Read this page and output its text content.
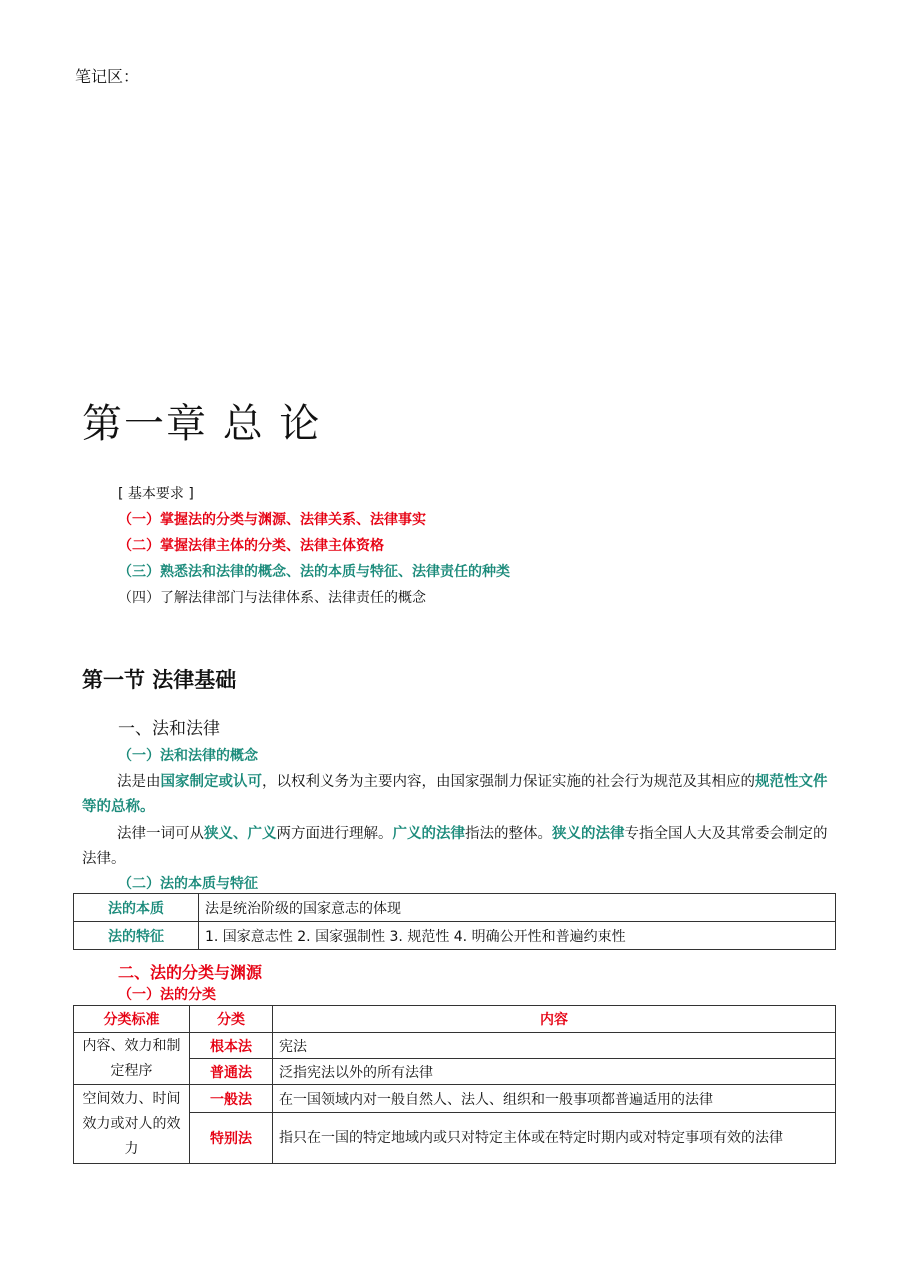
笔记区：
第一章 总 论
[ 基本要求 ]
（一）掌握法的分类与渊源、法律关系、法律事实
（二）掌握法律主体的分类、法律主体资格
（三）熟悉法和法律的概念、法的本质与特征、法律责任的种类
（四）了解法律部门与法律体系、法律责任的概念
第一节 法律基础
一、法和法律
（一）法和法律的概念
法是由国家制定或认可，以权利义务为主要内容，由国家强制力保证实施的社会行为规范及其相应的规范性文件等的总称。
法律一词可从狭义、广义两方面进行理解。广义的法律指法的整体。狭义的法律专指全国人大及其常委会制定的法律。
（二）法的本质与特征
法的本质	法是统治阶级的国家意志的体现
法的特征	1. 国家意志性 2. 国家强制性 3. 规范性 4. 明确公开性和普遍约束性
二、法的分类与渊源
（一）法的分类
分类标准	分类	内容
内容、效力和制定程序	根本法	宪法
	普通法	泛指宪法以外的所有法律
空间效力、时间效力或对人的效力	一般法	在一国领域内对一般自然人、法人、组织和一般事项都普遍适用的法律
	特别法	指只在一国的特定地域内或只对特定主体或在特定时期内或对特定事项有效的法律
